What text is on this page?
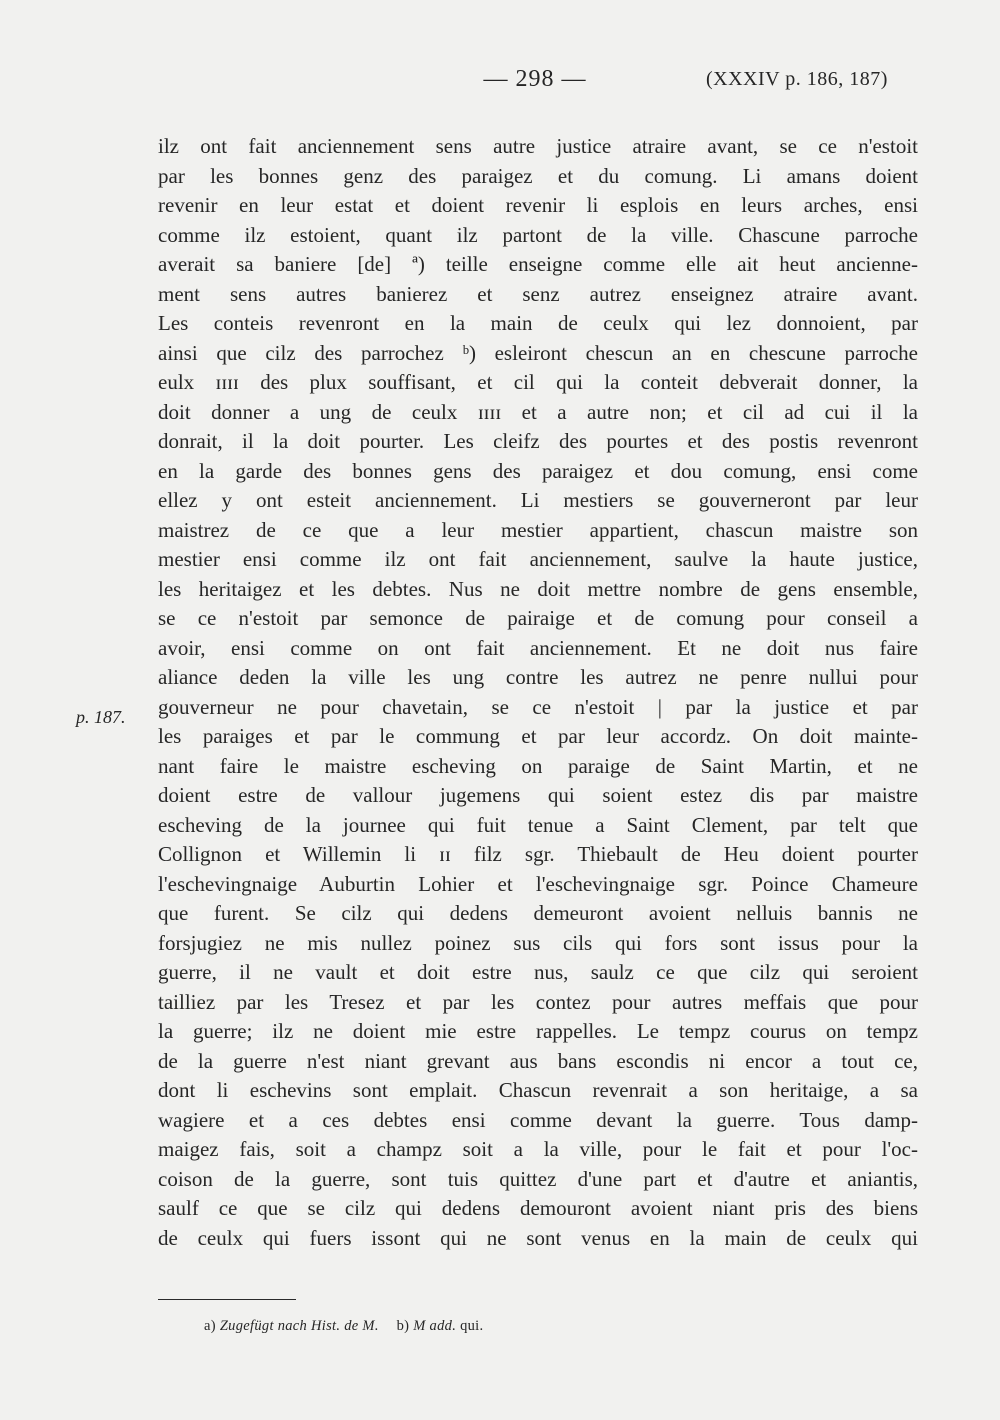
— 298 —	(XXXIV p. 186, 187)
p. 187.
ilz ont fait anciennement sens autre justice atraire avant, se ce n'estoit
par les bonnes genz des paraigez et du comung. Li amans doient
revenir en leur estat et doient revenir li esplois en leurs arches, ensi
comme ilz estoient, quant ilz partont de la ville. Chascune parroche
averait sa baniere [de] ª) teille enseigne comme elle ait heut ancienne-
ment sens autres banierez et senz autrez enseignez atraire avant.
Les conteis revenront en la main de ceulx qui lez donnoient, par
ainsi que cilz des parrochez ᵇ) esleiront chescun an en chescune parroche
eulx ɪɪɪɪ des plux souffisant, et cil qui la conteit debverait donner, la
doit donner a ung de ceulx ɪɪɪɪ et a autre non; et cil ad cui il la
donrait, il la doit pourter. Les cleifz des pourtes et des postis revenront
en la garde des bonnes gens des paraigez et dou comung, ensi come
ellez y ont esteit anciennement. Li mestiers se gouverneront par leur
maistrez de ce que a leur mestier appartient, chascun maistre son
mestier ensi comme ilz ont fait anciennement, saulve la haute justice,
les heritaigez et les debtes. Nus ne doit mettre nombre de gens ensemble,
se ce n'estoit par semonce de pairaige et de comung pour conseil a
avoir, ensi comme on ont fait anciennement. Et ne doit nus faire
aliance deden la ville les ung contre les autrez ne penre nullui pour
gouverneur ne pour chavetain, se ce n'estoit | par la justice et par
les paraiges et par le commung et par leur accordz. On doit mainte-
nant faire le maistre escheving on paraige de Saint Martin, et ne
doient estre de vallour jugemens qui soient estez dis par maistre
escheving de la journee qui fuit tenue a Saint Clement, par telt que
Collignon et Willemin li ɪɪ filz sgr. Thiebault de Heu doient pourter
l'eschevingnaige Auburtin Lohier et l'eschevingnaige sgr. Poince Chameure
que furent. Se cilz qui dedens demeuront avoient nelluis bannis ne
forsjugiez ne mis nullez poinez sus cils qui fors sont issus pour la
guerre, il ne vault et doit estre nus, saulz ce que cilz qui seroient
tailliez par les Tresez et par les contez pour autres meffais que pour
la guerre; ilz ne doient mie estre rappelles. Le tempz courus on tempz
de la guerre n'est niant grevant aus bans escondis ni encor a tout ce,
dont li eschevins sont emplait. Chascun revenrait a son heritaige, a sa
wagiere et a ces debtes ensi comme devant la guerre. Tous damp-
maigez fais, soit a champz soit a la ville, pour le fait et pour l'oc-
coison de la guerre, sont tuis quittez d'une part et d'autre et aniantis,
saulf ce que se cilz qui dedens demouront avoient niant pris des biens
de ceulx qui fuers issont qui ne sont venus en la main de ceulx qui
a) Zugefügt nach Hist. de M. b) M add. qui.
